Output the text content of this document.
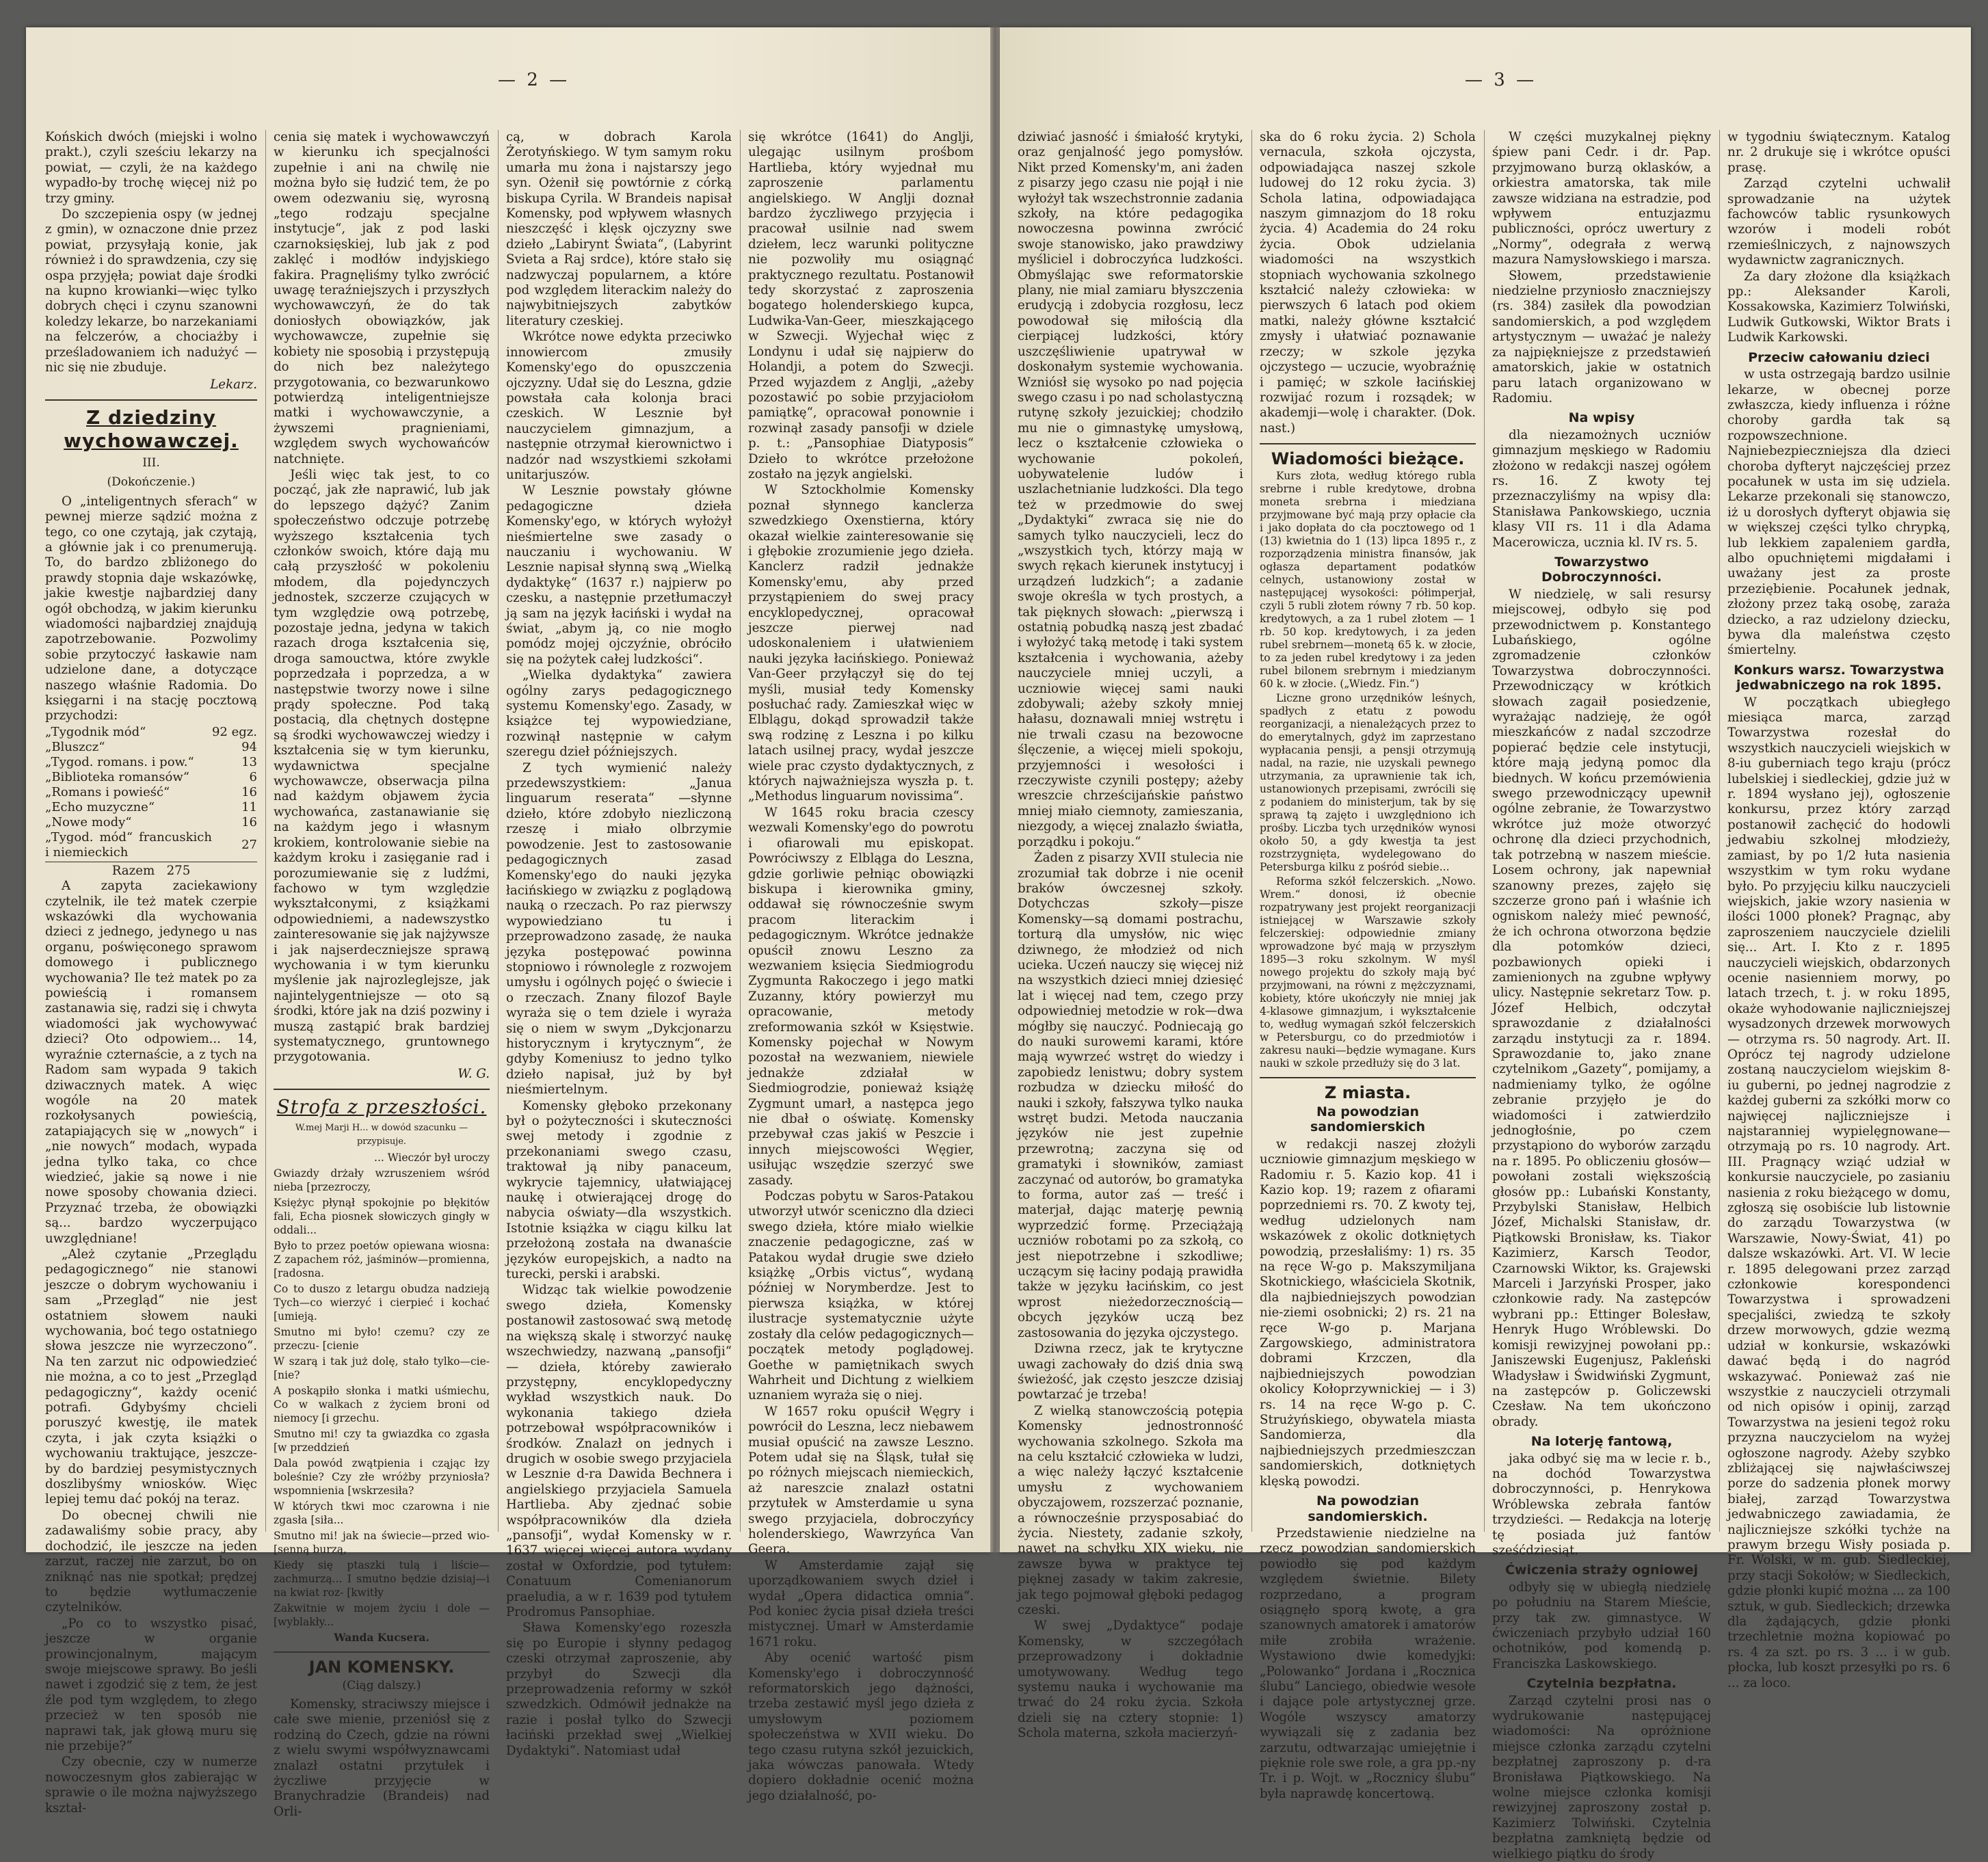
— 2 —

Końskich dwóch (miejski i wolno prakt.), czyli sześciu lekarzy na powiat, — czyli, że na każdego wypadło-by trochę więcej niż po trzy gminy.

Do szczepienia ospy (w jednej z gmin), w oznaczone dnie przez powiat, przysyłają konie, jak również i do sprawdzenia, czy się ospa przyjęła; powiat daje środki na kupno krowianki—więc tylko dobrych chęci i czynu szanowni koledzy lekarze, bo narzekaniami na felczerów, a chociażby i prześladowaniem ich nadużyć — nic się nie zbuduje.

Lekarz.
Z dziedziny wychowawczej.
III.
(Dokończenie.)

O „inteligentnych sferach“ w pewnej mierze sądzić można z tego, co one czytają, jak czytają, a głównie jak i co prenumerują. To, do bardzo zbliżonego do prawdy stopnia daje wskazówkę, jakie kwestje najbardziej dany ogół obchodzą, w jakim kierunku wiadomości najbardziej znajdują zapotrzebowanie. Pozwolimy sobie przytoczyć łaskawie nam udzielone dane, a dotyczące naszego właśnie Radomia. Do księgarni i na stację pocztową przychodzi:

„Tygodnik mód“	92 egz.
„Bluszcz“	94
„Tygod. romans. i pow.“	13
„Biblioteka romansów“	6
„Romans i powieść“	16
„Echo muzyczne“	11
„Nowe mody“	16
„Tygod. mód“ francuskich i niemieckich	27
Razem 275

A zapyta zaciekawiony czytelnik, ile też matek czerpie wskazówki dla wychowania dzieci z jednego, jedynego u nas organu, poświęconego sprawom domowego i publicznego wychowania? Ile też matek po za powieścią i romansem zastanawia się, radzi się i chwyta wiadomości jak wychowywać dzieci? Oto odpowiem... 14, wyraźnie czternaście, a z tych na Radom sam wypada 9 takich dziwacznych matek. A więc wogóle na 20 matek rozkołysanych powieścią, zatapiających się w „nowych“ i „nie nowych“ modach, wypada jedna tylko taka, co chce wiedzieć, jakie są nowe i nie nowe sposoby chowania dzieci. Przyznać trzeba, że obowiązki są... bardzo wyczerpująco uwzględniane!

„Ależ czytanie „Przeglądu pedagogicznego“ nie stanowi jeszcze o dobrym wychowaniu i sam „Przegląd“ nie jest ostatniem słowem nauki wychowania, boć tego ostatniego słowa jeszcze nie wyrzeczono“. Na ten zarzut nic odpowiedzieć nie można, a co to jest „Przegląd pedagogiczny“, każdy ocenić potrafi. Gdybyśmy chcieli poruszyć kwestję, ile matek czyta, i jak czyta książki o wychowaniu traktujące, jeszcze-by do bardziej pesymistycznych doszlibyśmy wniosków. Więc lepiej temu dać pokój na teraz.

Do obecnej chwili nie zadawaliśmy sobie pracy, aby dochodzić, ile jeszcze na jeden zarzut, raczej nie zarzut, bo on zniknąć nas nie spotkał; prędzej to będzie wytłumaczenie czytelników.

„Po co to wszystko pisać, jeszcze w organie prowincjonalnym, mającym swoje miejscowe sprawy. Bo jeśli nawet i zgodzić się z tem, że jest źle pod tym względem, to złego przecież w ten sposób nie naprawi tak, jak głową muru się nie przebije?“

Czy obecnie, czy w numerze nowoczesnym głos zabierając w sprawie o ile można najwyższego kształ-

cenia się matek i wychowawczyń w kierunku ich specjalności zupełnie i ani na chwilę nie można było się łudzić tem, że po owem odezwaniu się, wyrosną „tego rodzaju specjalne instytucje“, jak z pod laski czarnoksięskiej, lub jak z pod zaklęć i modłów indyjskiego fakira. Pragnęliśmy tylko zwrócić uwagę teraźniejszych i przyszłych wychowawczyń, że do tak doniosłych obowiązków, jak wychowawcze, zupełnie się kobiety nie sposobią i przystępują do nich bez należytego przygotowania, co bezwarunkowo potwierdzą inteligentniejsze matki i wychowawczynie, a żywszemi pragnieniami, względem swych wychowańców natchnięte.

Jeśli więc tak jest, to co począć, jak złe naprawić, lub jak do lepszego dążyć? Zanim społeczeństwo odczuje potrzebę wyższego kształcenia tych członków swoich, które dają mu całą przyszłość w pokoleniu młodem, dla pojedynczych jednostek, szczerze czujących w tym względzie ową potrzebę, pozostaje jedna, jedyna w takich razach droga kształcenia się, droga samouctwa, które zwykle poprzedzała i poprzedza, a w następstwie tworzy nowe i silne prądy społeczne. Pod taką postacią, dla chętnych dostępne są środki wychowawczej wiedzy i kształcenia się w tym kierunku, wydawnictwa specjalne wychowawcze, obserwacja pilna nad każdym objawem życia wychowańca, zastanawianie się na każdym jego i własnym krokiem, kontrolowanie siebie na każdym kroku i zasięganie rad i porozumiewanie się z ludźmi, fachowo w tym względzie wykształconymi, z książkami odpowiedniemi, a nadewszystko zainteresowanie się jak najżywsze i jak najserdeczniejsze sprawą wychowania i w tym kierunku myślenie jak najrozleglejsze, jak najintelygentniejsze — oto są środki, które jak na dziś pozwiny i muszą zastąpić brak bardziej systematycznego, gruntownego przygotowania.

W. G.
Strofa z przeszłości.

W.mej Marji H... w dowód szacunku — przypisuje.

... Wieczór był uroczy

Gwiazdy drżały wzruszeniem wśród nieba [przezroczy,

Księżyc płynął spokojnie po błękitów fali, Echa piosnek słowiczych gingły w oddali...

Było to przez poetów opiewana wiosna: Z zapachem róż, jaśminów—promienna, [radosna.

Co to duszo z letargu obudza nadzieją Tych—co wierzyć i cierpieć i kochać [umieją.

Smutno mi było! czemu? czy ze przeczu- [cienie

W szarą i tak już dolę, stało tylko—cie- [nie?

A poskąpiło słonka i matki uśmiechu, Co w walkach z życiem broni od niemocy [i grzechu.

Smutno mi! czy ta gwiazdka co zgasła [w przeddzień

Dala powód zwątpienia i cząjąc łzy boleśnie? Czy złe wróżby przyniosła? wspomnienia [wskrzesiła?

W których tkwi moc czarowna i nie zgasła [siła...

Smutno mi! jak na świecie—przed wio- [senną burzą,

Kiedy się ptaszki tulą i liście—zachmurzą... I smutno będzie dzisiaj—i na kwiat roz- [kwitły

Zakwitnie w mojem życiu i dole — [wyblakły...

Wanda Kucsera.

JAN KOMENSKY.
(Ciąg dalszy.)

Komensky, straciwszy miejsce i całe swe mienie, przeniósł się z rodziną do Czech, gdzie na równi z wielu swymi współwyznawcami znalazł ostatni przytułek i życzliwe przyjęcie w Branychradzie (Brandeis) nad Orli-

cą, w dobrach Karola Żerotyńskiego. W tym samym roku umarła mu żona i najstarszy jego syn. Ożenił się powtórnie z córką biskupa Cyrila. W Brandeis napisał Komensky, pod wpływem własnych nieszczęść i klęsk ojczyzny swe dzieło „Labirynt Świata“, (Labyrint Svieta a Raj srdce), które stało się nadzwyczaj popularnem, a które pod względem literackim należy do najwybitniejszych zabytków literatury czeskiej.

Wkrótce nowe edykta przeciwko innowiercom zmusiły Komensky'ego do opuszczenia ojczyzny. Udał się do Leszna, gdzie powstała cała kolonja braci czeskich. W Lesznie był nauczycielem gimnazjum, a następnie otrzymał kierownictwo i nadzór nad wszystkiemi szkołami unitarjuszów.

W Lesznie powstały główne pedagogiczne dzieła Komensky'ego, w których wyłożył nieśmiertelne swe zasady o nauczaniu i wychowaniu. W Lesznie napisał słynną swą „Wielką dydaktykę“ (1637 r.) najpierw po czesku, a następnie przetłumaczył ją sam na język łaciński i wydał na świat, „abym ją, co nie mogło pomódz mojej ojczyźnie, obróciło się na pożytek całej ludzkości“.

„Wielka dydaktyka“ zawiera ogólny zarys pedagogicznego systemu Komensky'ego. Zasady, w książce tej wypowiedziane, rozwinął następnie w całym szeregu dzieł późniejszych.

Z tych wymienić należy przedewszystkiem: „Janua linguarum reserata“ —słynne dzieło, które zdobyło niezliczoną rzeszę i miało olbrzymie powodzenie. Jest to zastosowanie pedagogicznych zasad Komensky'ego do nauki języka łacińskiego w związku z poglądową nauką o rzeczach. Po raz pierwszy wypowiedziano tu i przeprowadzono zasadę, że nauka języka postępować powinna stopniowo i równolegle z rozwojem umysłu i ogólnych pojęć o świecie i o rzeczach. Znany filozof Bayle wyraża się o tem dziele i wyraża się o niem w swym „Dykcjonarzu historycznym i krytycznym“, że gdyby Komeniusz to jedno tylko dzieło napisał, już by był nieśmiertelnym.

Komensky głęboko przekonany był o pożyteczności i skuteczności swej metody i zgodnie z przekonaniami swego czasu, traktował ją niby panaceum, wykrycie tajemnicy, ułatwiającej naukę i otwierającej drogę do nabycia oświaty—dla wszystkich. Istotnie książka w ciągu kilku lat przełożoną została na dwanaście języków europejskich, a nadto na turecki, perski i arabski.

Widząc tak wielkie powodzenie swego dzieła, Komensky postanowił zastosować swą metodę na większą skalę i stworzyć naukę wszechwiedzy, nazwaną „pansofji“ — dzieła, któreby zawierało przystępny, encyklopedyczny wykład wszystkich nauk. Do wykonania takiego dzieła potrzebował współpracowników i środków. Znalazł on jednych i drugich w osobie swego przyjaciela w Lesznie d-ra Dawida Bechnera i angielskiego przyjaciela Samuela Hartlieba. Aby zjednać sobie współpracowników dla dzieła „pansofji“, wydał Komensky w r. 1637 więcej więcej autora wydany został w Oxfordzie, pod tytułem: Conatuum Comenianorum praeludia, a w r. 1639 pod tytułem Prodromus Pansophiae.

Sława Komensky'ego rozeszła się po Europie i słynny pedagog czeski otrzymał zaproszenie, aby przybył do Szwecji dla przeprowadzenia reformy w szkół szwedzkich. Odmówił jednakże na razie i posłał tylko do Szwecji łaciński przekład swej „Wielkiej Dydaktyki“. Natomiast udał

się wkrótce (1641) do Anglji, ulegając usilnym prośbom Hartlieba, który wyjednał mu zaproszenie parlamentu angielskiego. W Anglji doznał bardzo życzliwego przyjęcia i pracował usilnie nad swem dziełem, lecz warunki polityczne nie pozwoliły mu osiągnąć praktycznego rezultatu. Postanowił tedy skorzystać z zaproszenia bogatego holenderskiego kupca, Ludwika-Van-Geer, mieszkającego w Szwecji. Wyjechał więc z Londynu i udał się najpierw do Holandji, a potem do Szwecji. Przed wyjazdem z Anglji, „ażeby pozostawić po sobie przyjaciołom pamiątkę“, opracował ponownie i rozwinął zasady pansofji w dziele p. t.: „Pansophiae Diatyposis“ Dzieło to wkrótce przełożone zostało na język angielski.

W Sztockholmie Komensky poznał słynnego kanclerza szwedzkiego Oxenstierna, który okazał wielkie zainteresowanie się i głębokie zrozumienie jego dzieła. Kanclerz radził jednakże Komensky'emu, aby przed przystąpieniem do swej pracy encyklopedycznej, opracował jeszcze pierwej nad udoskonaleniem i ułatwieniem nauki języka łacińskiego. Ponieważ Van-Geer przyłączył się do tej myśli, musiał tedy Komensky posłuchać rady. Zamieszkał więc w Elblągu, dokąd sprowadził także swą rodzinę z Leszna i po kilku latach usilnej pracy, wydał jeszcze wiele prac czysto dydaktycznych, z których najważniejsza wyszła p. t. „Methodus linguarum novissima“.

W 1645 roku bracia czescy wezwali Komensky'ego do powrotu i ofiarowali mu episkopat. Powróciwszy z Elbląga do Leszna, gdzie gorliwie pełniąc obowiązki biskupa i kierownika gminy, oddawał się równocześnie swym pracom literackim i pedagogicznym. Wkrótce jednakże opuścił znowu Leszno za wezwaniem księcia Siedmiogrodu Zygmunta Rakoczego i jego matki Zuzanny, który powierzył mu opracowanie, metody zreformowania szkół w Księstwie. Komensky pojechał w Nowym pozostał na wezwaniem, niewiele jednakże zdziałał w Siedmiogrodzie, ponieważ książę Zygmunt umarł, a następca jego nie dbał o oświatę. Komensky przebywał czas jakiś w Peszcie i innych miejscowości Węgier, usiłując wszędzie szerzyć swe zasady.

Podczas pobytu w Saros-Patakou utworzył utwór sceniczno dla dzieci swego dzieła, które miało wielkie znaczenie pedagogiczne, zaś w Patakou wydał drugie swe dzieło książkę „Orbis victus“, wydaną później w Norymberdze. Jest to pierwsza książka, w której ilustracje systematycznie użyte zostały dla celów pedagogicznych—początek metody poglądowej. Goethe w pamiętnikach swych Wahrheit und Dichtung z wielkiem uznaniem wyraża się o niej.

W 1657 roku opuścił Węgry i powrócił do Leszna, lecz niebawem musiał opuścić na zawsze Leszno. Potem udał się na Śląsk, tułał się po różnych miejscach niemieckich, aż nareszcie znalazł ostatni przytułek w Amsterdamie u syna swego przyjaciela, dobroczyńcy holenderskiego, Wawrzyńca Van Geera.

W Amsterdamie zajął się uporządkowaniem swych dzieł i wydał „Opera didactica omnia“. Pod koniec życia pisał dzieła treści mistycznej. Umarł w Amsterdamie 1671 roku.

Aby ocenić wartość pism Komensky'ego i dobroczynność reformatorskich jego dążności, trzeba zestawić myśl jego dzieła z umysłowym poziomem społeczeństwa w XVII wieku. Do tego czasu rutyna szkół jezuickich, jaka wówczas panowała. Wtedy dopiero dokładnie ocenić można jego działalność, po-

— 3 —

dziwiać jasność i śmiałość krytyki, oraz genjalność jego pomysłów. Nikt przed Komensky'm, ani żaden z pisarzy jego czasu nie pojął i nie wyłożył tak wszechstronnie zadania szkoły, na które pedagogika nowoczesna powinna zwrócić swoje stanowisko, jako prawdziwy myśliciel i dobroczyńca ludzkości. Obmyślając swe reformatorskie plany, nie mial zamiaru błyszczenia erudycją i zdobycia rozgłosu, lecz powodował się miłością dla cierpiącej ludzkości, który uszczęśliwienie upatrywał w doskonałym systemie wychowania. Wzniósł się wysoko po nad pojęcia swego czasu i po nad scholastyczną rutynę szkoły jezuickiej; chodziło mu nie o gimnastykę umysłową, lecz o kształcenie człowieka o wychowanie pokoleń, uobywatelenie ludów i uszlachetnianie ludzkości. Dla tego też w przedmowie do swej „Dydaktyki“ zwraca się nie do samych tylko nauczycieli, lecz do „wszystkich tych, którzy mają w swych rękach kierunek instytucyj i urządzeń ludzkich“; a zadanie swoje określa w tych prostych, a tak pięknych słowach: „pierwszą i ostatnią pobudką naszą jest zbadać i wyłożyć taką metodę i taki system kształcenia i wychowania, ażeby nauczyciele mniej uczyli, a uczniowie więcej sami nauki zdobywali; ażeby szkoły mniej hałasu, doznawali mniej wstrętu i nie trwali czasu na bezowocne ślęczenie, a więcej mieli spokoju, przyjemności i wesołości i rzeczywiste czynili postępy; ażeby wreszcie chrześcijańskie państwo mniej miało ciemnoty, zamieszania, niezgody, a więcej znalazło światła, porządku i pokoju.“

Żaden z pisarzy XVII stulecia nie zrozumiał tak dobrze i nie ocenił braków ówczesnej szkoły. Dotychczas szkoły—pisze Komensky—są domami postrachu, torturą dla umysłów, nic więc dziwnego, że młodzież od nich ucieka. Uczeń nauczy się więcej niż na wszystkich dzieci mniej dziesięć lat i więcej nad tem, czego przy odpowiedniej metodzie w rok—dwa mógłby się nauczyć. Podniecają go do nauki surowemi karami, które mają wywrzeć wstręt do wiedzy i zapobiedz lenistwu; dobry system rozbudza w dziecku miłość do nauki i szkoły, fałszywa tylko nauka wstręt budzi. Metoda nauczania języków nie jest zupełnie przewrotną; zaczyna się od gramatyki i słowników, zamiast zaczynać od autorów, bo gramatyka to forma, autor zaś — treść i materjał, dając materję pewnią wyprzedzić formę. Przeciążają uczniów robotami po za szkołą, co jest niepotrzebne i szkodliwe; uczącym się łaciny podają prawidła także w języku łacińskim, co jest wprost nieżedorzecznością—obcych języków uczą bez zastosowania do języka ojczystego.

Dziwna rzecz, jak te krytyczne uwagi zachowały do dziś dnia swą świeżość, jak często jeszcze dzisiaj powtarzać je trzeba!

Z wielką stanowczością potępia Komensky jednostronność wychowania szkolnego. Szkoła ma na celu kształcić człowieka w ludzi, a więc należy łączyć kształcenie umysłu z wychowaniem obyczajowem, rozszerzać poznanie, a równocześnie przysposabiać do życia. Niestety, zadanie szkoły, nawet na schyłku XIX wieku, nie zawsze bywa w praktyce tej pięknej zasady w takim zakresie, jak tego pojmował głęboki pedagog czeski.

W swej „Dydaktyce“ podaje Komensky, w szczegółach przeprowadzony i dokładnie umotywowany. Według tego systemu nauka i wychowanie ma trwać do 24 roku życia. Szkoła dzieli się na cztery stopnie: 1) Schola materna, szkoła macierzyń-

ska do 6 roku życia. 2) Schola vernacula, szkoła ojczysta, odpowiadająca naszej szkole ludowej do 12 roku życia. 3) Schola latina, odpowiadająca naszym gimnazjom do 18 roku życia. 4) Academia do 24 roku życia. Obok udzielania wiadomości na wszystkich stopniach wychowania szkolnego kształcić należy człowieka: w pierwszych 6 latach pod okiem matki, należy główne kształcić zmysły i ułatwiać poznawanie rzeczy; w szkole języka ojczystego — uczucie, wyobraźnię i pamięć; w szkole łacińskiej rozwijać rozum i rozsądek; w akademji—wolę i charakter. (Dok. nast.)

Wiadomości bieżące.

Kurs złota, według którego rubla srebrne i ruble kredytowe, drobna moneta srebrna i miedziana przyjmowane być mają przy opłacie cła i jako dopłata do cła pocztowego od 1 (13) kwietnia do 1 (13) lipca 1895 r., z rozporządzenia ministra finansów, jak ogłasza departament podatków celnych, ustanowiony został w następującej wysokości: półimperjał, czyli 5 rubli złotem równy 7 rb. 50 kop. kredytowych, a za 1 rubel złotem — 1 rb. 50 kop. kredytowych, i za jeden rubel srebrnem—monetą 65 k. w złocie, to za jeden rubel kredytowy i za jeden rubel bilonem srebrnym i miedzianym 60 k. w złocie. („Wiedz. Fin.“)

Liczne grono urzędników leśnych, spadłych z etatu z powodu reorganizacji, a nienależących przez to do emerytalnych, gdyż im zaprzestano wypłacania pensji, a pensji otrzymują nadal, na razie, nie uzyskali pewnego utrzymania, za uprawnienie tak ich, ustanowionych przepisami, zwrócili się z podaniem do ministerjum, tak by się sprawą tą zajęto i uwzględniono ich prośby. Liczba tych urzędników wynosi około 50, a gdy kwestja ta jest rozstrzygnięta, wydelegowano do Petersburga kilku z pośród siebie...

Reforma szkół felczerskich. „Nowo. Wrem.“ donosi, iż obecnie rozpatrywany jest projekt reorganizacji istniejącej w Warszawie szkoły felczerskiej: odpowiednie zmiany wprowadzone być mają w przyszłym 1895—3 roku szkolnym. W myśl nowego projektu do szkoły mają być przyjmowani, na równi z mężczyznami, kobiety, które ukończyły nie mniej jak 4-klasowe gimnazjum, i wykształcenie to, według wymagań szkół felczerskich w Petersburgu, co do przedmiotów i zakresu nauki—będzie wymagane. Kurs nauki w szkole przedłuży się do 3 lat.

Z miasta.
Na powodzian sandomierskich

w redakcji naszej złożyli uczniowie gimnazjum męskiego w Radomiu r. 5. Kazio kop. 41 i Kazio kop. 19; razem z ofiarami poprzedniemi rs. 70. Z kwoty tej, według udzielonych nam wskazówek z okolic dotkniętych powodzią, przesłaliśmy: 1) rs. 35 na ręce W-go p. Makszymiljana Skotnickiego, właściciela Skotnik, dla najbiedniejszych powodzian nie-ziemi osobnicki; 2) rs. 21 na ręce W-go p. Marjana Zargowskiego, administratora dobrami Krzczen, dla najbiedniejszych powodzian okolicy Kołoprzywnickiej — i 3) rs. 14 na ręce W-go p. C. Strużyńskiego, obywatela miasta Sandomierza, dla najbiedniejszych przedmieszczan sandomierskich, dotkniętych klęską powodzi.

Na powodzian sandomierskich.

Przedstawienie niedzielne na rzecz powodzian sandomierskich powiodło się pod każdym względem świetnie. Bilety rozprzedano, a program osiągnęło sporą kwotę, a gra szanownych amatorek i amatorów miłe zrobiła wrażenie. Wystawiono dwie komedyjki: „Polowanko“ Jordana i „Rocznica ślubu“ Lanciego, obiedwie wesołe i dające pole artystycznej grze. Wogóle wszyscy amatorzy wywiązali się z zadania bez zarzutu, odtwarzając umiejętnie i pięknie role swe role, a gra pp.-ny Tr. i p. Wojt. w „Rocznicy ślubu“ była naprawdę koncertową.

W części muzykalnej piękny śpiew pani Cedr. i dr. Pap. przyjmowano burzą oklasków, a orkiestra amatorska, tak mile zawsze widziana na estradzie, pod wpływem entuzjazmu publiczności, oprócz uwertury z „Normy“, odegrała z werwą mazura Namysłowskiego i marsza.

Słowem, przedstawienie niedzielne przyniosło znaczniejszy (rs. 384) zasiłek dla powodzian sandomierskich, a pod względem artystycznym — uważać je należy za najpiękniejsze z przedstawień amatorskich, jakie w ostatnich paru latach organizowano w Radomiu.

Na wpisy

dla niezamożnych uczniów gimnazjum męskiego w Radomiu złożono w redakcji naszej ogółem rs. 16. Z kwoty tej przeznaczyliśmy na wpisy dla: Stanisława Pankowskiego, ucznia klasy VII rs. 11 i dla Adama Macerowicza, ucznia kl. IV rs. 5.

Towarzystwo Dobroczynności.

W niedzielę, w sali resursy miejscowej, odbyło się pod przewodnictwem p. Konstantego Lubańskiego, ogólne zgromadzenie członków Towarzystwa dobroczynności. Przewodniczący w krótkich słowach zagaił posiedzenie, wyrażając nadzieję, że ogół mieszkańców z nadal szczodrze popierać będzie cele instytucji, które mają jedyną pomoc dla biednych. W końcu przemówienia swego przewodniczący upewnił ogólne zebranie, że Towarzystwo wkrótce już może otworzyć ochronę dla dzieci przychodnich, tak potrzebną w naszem mieście. Losem ochrony, jak napewniał szanowny prezes, zajęło się szczerze grono pań i właśnie ich ogniskom należy mieć pewność, że ich ochrona otworzona będzie dla potomków dzieci, pozbawionych opieki i zamienionych na zgubne wpływy ulicy. Następnie sekretarz Tow. p. Józef Helbich, odczytał sprawozdanie z działalności zarządu instytucji za r. 1894. Sprawozdanie to, jako znane czytelnikom „Gazety“, pomijamy, a nadmieniamy tylko, że ogólne zebranie przyjęło je do wiadomości i zatwierdziło jednogłośnie, po czem przystąpiono do wyborów zarządu na r. 1895. Po obliczeniu głosów—powołani zostali większością głosów pp.: Lubański Konstanty, Przybylski Stanisław, Helbich Józef, Michalski Stanisław, dr. Piątkowski Bronisław, ks. Tiakor Kazimierz, Karsch Teodor, Czarnowski Wiktor, ks. Grajewski Marceli i Jarzyński Prosper, jako członkowie rady. Na zastępców wybrani pp.: Ettinger Bolesław, Henryk Hugo Wróblewski. Do komisji rewizyjnej powołani pp.: Janiszewski Eugenjusz, Pakleński Władysław i Świdwiński Zygmunt, na zastępców p. Goliczewski Czesław. Na tem ukończono obrady.

Na loterję fantową,

jaka odbyć się ma w lecie r. b., na dochód Towarzystwa dobroczynności, p. Henrykowa Wróblewska zebrała fantów trzydzieści. — Redakcja na loterję tę posiada już fantów sześćdziesiąt.

Ćwiczenia straży ogniowej

odbyły się w ubiegłą niedzielę po południu na Starem Mieście, przy tak zw. gimnastyce. W ćwiczeniach przybyło udział 160 ochotników, pod komendą p. Franciszka Laskowskiego.

Czytelnia bezpłatna.

Zarząd czytelni prosi nas o wydrukowanie następującej wiadomości: Na opróżnione miejsce członka zarządu czytelni bezpłatnej zaproszony p. d-ra Bronisława Piątkowskiego. Na wolne miejsce członka komisji rewizyjnej zaproszony został p. Kazimierz Tolwiński. Czytelnia bezpłatna zamkniętą będzie od wielkiego piątku do środy

w tygodniu świątecznym. Katalog nr. 2 drukuje się i wkrótce opuści prasę.

Zarząd czytelni uchwalił sprowadzanie na użytek fachowców tablic rysunkowych wzorów i modeli robót rzemieślniczych, z najnowszych wydawnictw zagranicznych.

Za dary złożone dla książkach pp.: Aleksander Karoli, Kossakowska, Kazimierz Tolwiński, Ludwik Gutkowski, Wiktor Brats i Ludwik Karkowski.

Przeciw całowaniu dzieci

w usta ostrzegają bardzo usilnie lekarze, w obecnej porze zwłaszcza, kiedy influenza i różne choroby gardła tak są rozpowszechnione. Najniebezpieczniejsza dla dzieci choroba dyfteryt najczęściej przez pocałunek w usta im się udziela. Lekarze przekonali się stanowczo, iż u dorosłych dyfteryt objawia się w większej części tylko chrypką, lub lekkiem zapaleniem gardła, albo opuchniętemi migdałami i uważany jest za proste przeziębienie. Pocałunek jednak, złożony przez taką osobę, zaraża dziecko, a raz udzielony dziecku, bywa dla maleństwa często śmiertelny.

Konkurs warsz. Towarzystwa jedwabniczego na rok 1895.

W początkach ubiegłego miesiąca marca, zarząd Towarzystwa rozesłał do wszystkich nauczycieli wiejskich w 8-iu guberniach tego kraju (prócz lubelskiej i siedleckiej, gdzie już w r. 1894 wysłano jej), ogłoszenie konkursu, przez który zarząd postanowił zachęcić do hodowli jedwabiu szkolnej młodzieży, zamiast, by po 1/2 łuta nasienia wszystkim w tym roku wydane było. Po przyjęciu kilku nauczycieli wiejskich, jakie wzory nasienia w ilości 1000 płonek? Pragnąc, aby zaproszeniem nauczyciele dzielili się... Art. I. Kto z r. 1895 nauczycieli wiejskich, obdarzonych ocenie nasienniem morwy, po latach trzech, t. j. w roku 1895, okaże wyhodowanie najliczniejszej wysadzonych drzewek morwowych — otrzyma rs. 50 nagrody. Art. II. Oprócz tej nagrody udzielone zostaną nauczycielom wiejskim 8-iu guberni, po jednej nagrodzie z każdej guberni za szkółki morw co najwięcej najliczniejsze i najstaranniej wypielęgnowane—otrzymają po rs. 10 nagrody. Art. III. Pragnący wziąć udział w konkursie nauczyciele, po zasianiu nasienia z roku bieżącego w domu, zgłoszą się osobiście lub listownie do zarządu Towarzystwa (w Warszawie, Nowy-Świat, 41) po dalsze wskazówki. Art. VI. W lecie r. 1895 delegowani przez zarząd członkowie korespondenci Towarzystwa i sprowadzeni specjaliści, zwiedzą te szkoły drzew morwowych, gdzie wezmą udział w konkursie, wskazówki dawać będą i do nagród wskazywać. Ponieważ zaś nie wszystkie z nauczycieli otrzymali od nich opisów i opinij, zarząd Towarzystwa na jesieni tegoż roku przyzna nauczycielom na wyżej ogłoszone nagrody. Ażeby szybko zbliżającej się najwłaściwszej porze do sadzenia płonek morwy białej, zarząd Towarzystwa jedwabniczego zawiadamia, że najliczniejsze szkółki tychże na prawym brzegu Wisły posiada p. Fr. Wolski, w m. gub. Siedleckiej, przy stacji Sokołów; w Siedleckich, gdzie płonki kupić można ... za 100 sztuk, w gub. Siedleckich; drzewka dla żądających, gdzie płonki trzechletnie można kopiować po rs. 4 za szt. po rs. 3 ... i w gub. płocka, lub koszt przesyłki po rs. 6 ... za loco.
